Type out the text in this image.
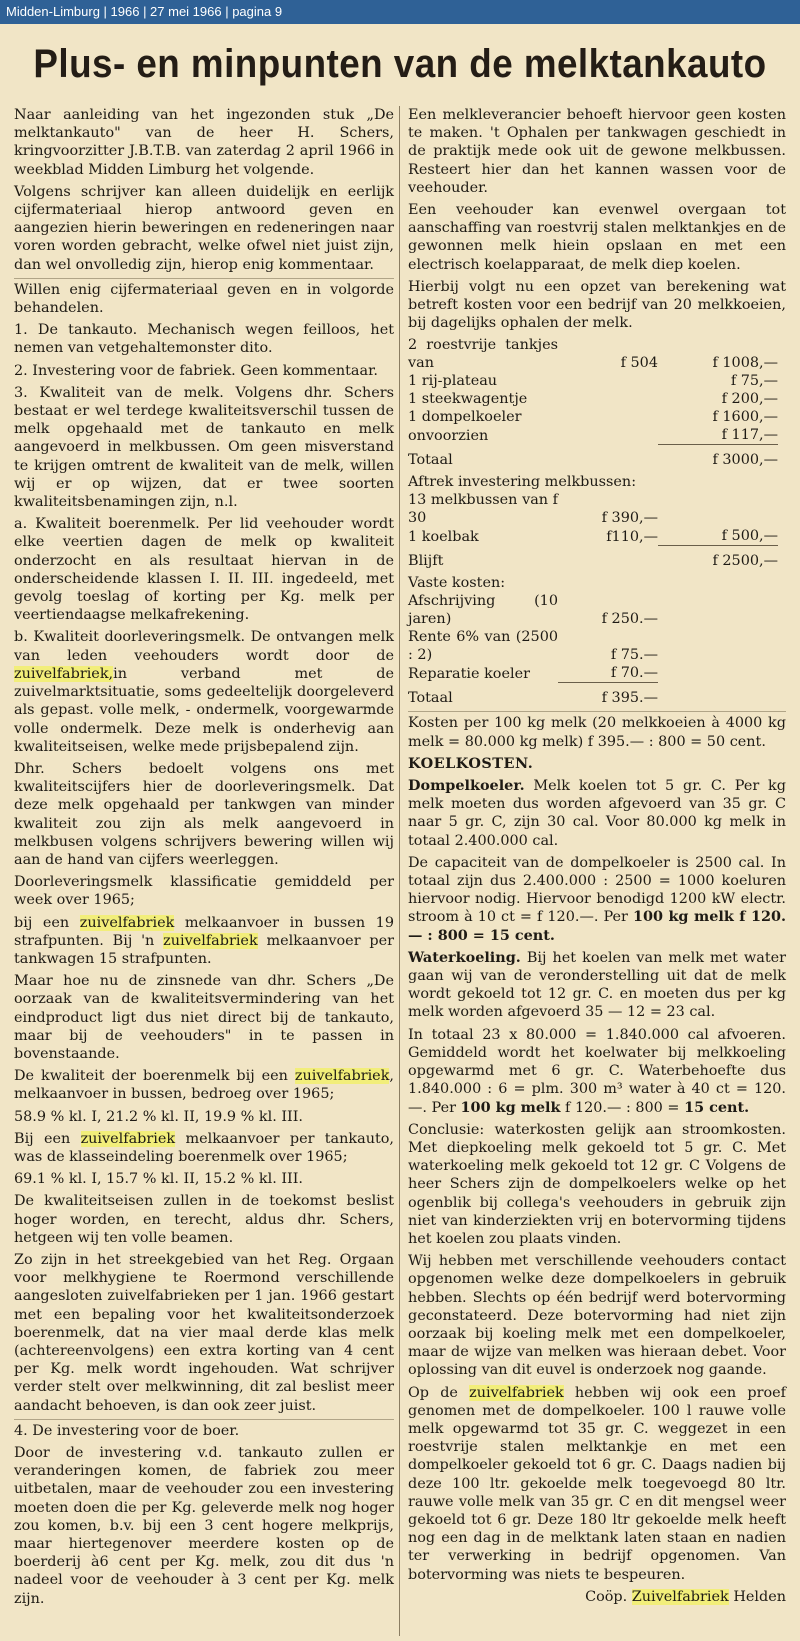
Midden-Limburg | 1966 | 27 mei 1966 | pagina 9
Plus- en minpunten van de melktankauto

Naar aanleiding van het ingezonden stuk „De melktankauto" van de heer H. Schers, kringvoorzitter J.B.T.B. van zaterdag 2 april 1966 in weekblad Midden Limburg het volgende.

Volgens schrijver kan alleen duidelijk en eerlijk cijfermateriaal hierop antwoord geven en aangezien hierin beweringen en redeneringen naar voren worden gebracht, welke ofwel niet juist zijn, dan wel onvolledig zijn, hierop enig kommentaar.

Willen enig cijfermateriaal geven en in volgorde behandelen.

1. De tankauto. Mechanisch wegen feilloos, het nemen van vetgehaltemonster dito.

2. Investering voor de fabriek. Geen kommentaar.

3. Kwaliteit van de melk. Volgens dhr. Schers bestaat er wel terdege kwaliteitsverschil tussen de melk opgehaald met de tankauto en melk aangevoerd in melkbussen. Om geen misverstand te krijgen omtrent de kwaliteit van de melk, willen wij er op wijzen, dat er twee soorten kwaliteitsbenamingen zijn, n.l.

a. Kwaliteit boerenmelk. Per lid veehouder wordt elke veertien dagen de melk op kwaliteit onderzocht en als resultaat hiervan in de onderscheidende klassen I. II. III. ingedeeld, met gevolg toeslag of korting per Kg. melk per veertiendaagse melkafrekening.

b. Kwaliteit doorleveringsmelk. De ontvangen melk van leden veehouders wordt door de zuivelfabriek,in verband met de zuivelmarktsituatie, soms gedeeltelijk doorgeleverd als gepast. volle melk, - ondermelk, voorgewarmde volle ondermelk. Deze melk is onderhevig aan kwaliteitseisen, welke mede prijsbepalend zijn.

Dhr. Schers bedoelt volgens ons met kwaliteitscijfers hier de doorleveringsmelk. Dat deze melk opgehaald per tankwgen van minder kwaliteit zou zijn als melk aangevoerd in melkbusen volgens schrijvers bewering willen wij aan de hand van cijfers weerleggen.

Doorleveringsmelk klassificatie gemiddeld per week over 1965;

bij een zuivelfabriek melkaanvoer in bussen 19 strafpunten. Bij 'n zuivelfabriek melkaanvoer per tankwagen 15 strafpunten.

Maar hoe nu de zinsnede van dhr. Schers „De oorzaak van de kwaliteitsvermindering van het eindproduct ligt dus niet direct bij de tankauto, maar bij de veehouders" in te passen in bovenstaande.

De kwaliteit der boerenmelk bij een zuivelfabriek, melkaanvoer in bussen, bedroeg over 1965;

58.9 % kl. I, 21.2 % kl. II, 19.9 % kl. III.

Bij een zuivelfabriek melkaanvoer per tankauto, was de klasseindeling boerenmelk over 1965;

69.1 % kl. I, 15.7 % kl. II, 15.2 % kl. III.

De kwaliteitseisen zullen in de toekomst beslist hoger worden, en terecht, aldus dhr. Schers, hetgeen wij ten volle beamen.

Zo zijn in het streekgebied van het Reg. Orgaan voor melkhygiene te Roermond verschillende aangesloten zuivelfabrieken per 1 jan. 1966 gestart met een bepaling voor het kwaliteitsonderzoek boerenmelk, dat na vier maal derde klas melk (achtereenvolgens) een extra korting van 4 cent per Kg. melk wordt ingehouden. Wat schrijver verder stelt over melkwinning, dit zal beslist meer aandacht behoeven, is dan ook zeer juist.

4. De investering voor de boer.

Door de investering v.d. tankauto zullen er veranderingen komen, de fabriek zou meer uitbetalen, maar de veehouder zou een investering moeten doen die per Kg. geleverde melk nog hoger zou komen, b.v. bij een 3 cent hogere melkprijs, maar hiertegenover meerdere kosten op de boerderij à6 cent per Kg. melk, zou dit dus 'n nadeel voor de veehouder à 3 cent per Kg. melk zijn.

Een melkleverancier behoeft hiervoor geen kosten te maken. 't Ophalen per tankwagen geschiedt in de praktijk mede ook uit de gewone melkbussen. Resteert hier dan het kannen wassen voor de veehouder.

Een veehouder kan evenwel overgaan tot aanschaffing van roestvrij stalen melktankjes en de gewonnen melk hiein opslaan en met een electrisch koelapparaat, de melk diep koelen.

Hierbij volgt nu een opzet van berekening wat betreft kosten voor een bedrijf van 20 melkkoeien, bij dagelijks ophalen der melk.

2 roestvrije tankjes van	f 504	f 1008,—
1 rij-plateau		f 75,—
1 steekwagentje		f 200,—
1 dompelkoeler		f 1600,—
onvoorzien		f 117,—
Totaal		f 3000,—
Aftrek investering melkbussen:		
13 melkbussen van f 30	f 390,—	
1 koelbak	f110,—	f 500,—
Blijft		f 2500,—
Vaste kosten:		
Afschrijving (10 jaren)	f 250.—	
Rente 6% van (2500 : 2)	f 75.—	
Reparatie koeler	f 70.—	
Totaal	f 395.—	

Kosten per 100 kg melk (20 melkkoeien à 4000 kg melk = 80.000 kg melk) f 395.— : 800 = 50 cent.

KOELKOSTEN.

Dompelkoeler. Melk koelen tot 5 gr. C. Per kg melk moeten dus worden afgevoerd van 35 gr. C naar 5 gr. C, zijn 30 cal. Voor 80.000 kg melk in totaal 2.400.000 cal.

De capaciteit van de dompelkoeler is 2500 cal. In totaal zijn dus 2.400.000 : 2500 = 1000 koeluren hiervoor nodig. Hiervoor benodigd 1200 kW electr. stroom à 10 ct = f 120.—. Per 100 kg melk f 120.— : 800 = 15 cent.

Waterkoeling. Bij het koelen van melk met water gaan wij van de veronderstelling uit dat de melk wordt gekoeld tot 12 gr. C. en moeten dus per kg melk worden afgevoerd 35 — 12 = 23 cal.

In totaal 23 x 80.000 = 1.840.000 cal afvoeren. Gemiddeld wordt het koelwater bij melkkoeling opgewarmd met 6 gr. C. Waterbehoefte dus 1.840.000 : 6 = plm. 300 m³ water à 40 ct = 120.—. Per 100 kg melk f 120.— : 800 = 15 cent.

Conclusie: waterkosten gelijk aan stroomkosten. Met diepkoeling melk gekoeld tot 5 gr. C. Met waterkoeling melk gekoeld tot 12 gr. C Volgens de heer Schers zijn de dompelkoelers welke op het ogenblik bij collega's veehouders in gebruik zijn niet van kinderziekten vrij en botervorming tijdens het koelen zou plaats vinden.

Wij hebben met verschillende veehouders contact opgenomen welke deze dompelkoelers in gebruik hebben. Slechts op één bedrijf werd botervorming geconstateerd. Deze botervorming had niet zijn oorzaak bij koeling melk met een dompelkoeler, maar de wijze van melken was hieraan debet. Voor oplossing van dit euvel is onderzoek nog gaande.

Op de zuivelfabriek hebben wij ook een proef genomen met de dompelkoeler. 100 l rauwe volle melk opgewarmd tot 35 gr. C. weggezet in een roestvrije stalen melktankje en met een dompelkoeler gekoeld tot 6 gr. C. Daags nadien bij deze 100 ltr. gekoelde melk toegevoegd 80 ltr. rauwe volle melk van 35 gr. C en dit mengsel weer gekoeld tot 6 gr. Deze 180 ltr gekoelde melk heeft nog een dag in de melktank laten staan en nadien ter verwerking in bedrijf opgenomen. Van botervorming was niets te bespeuren.

Coöp. Zuivelfabriek Helden
